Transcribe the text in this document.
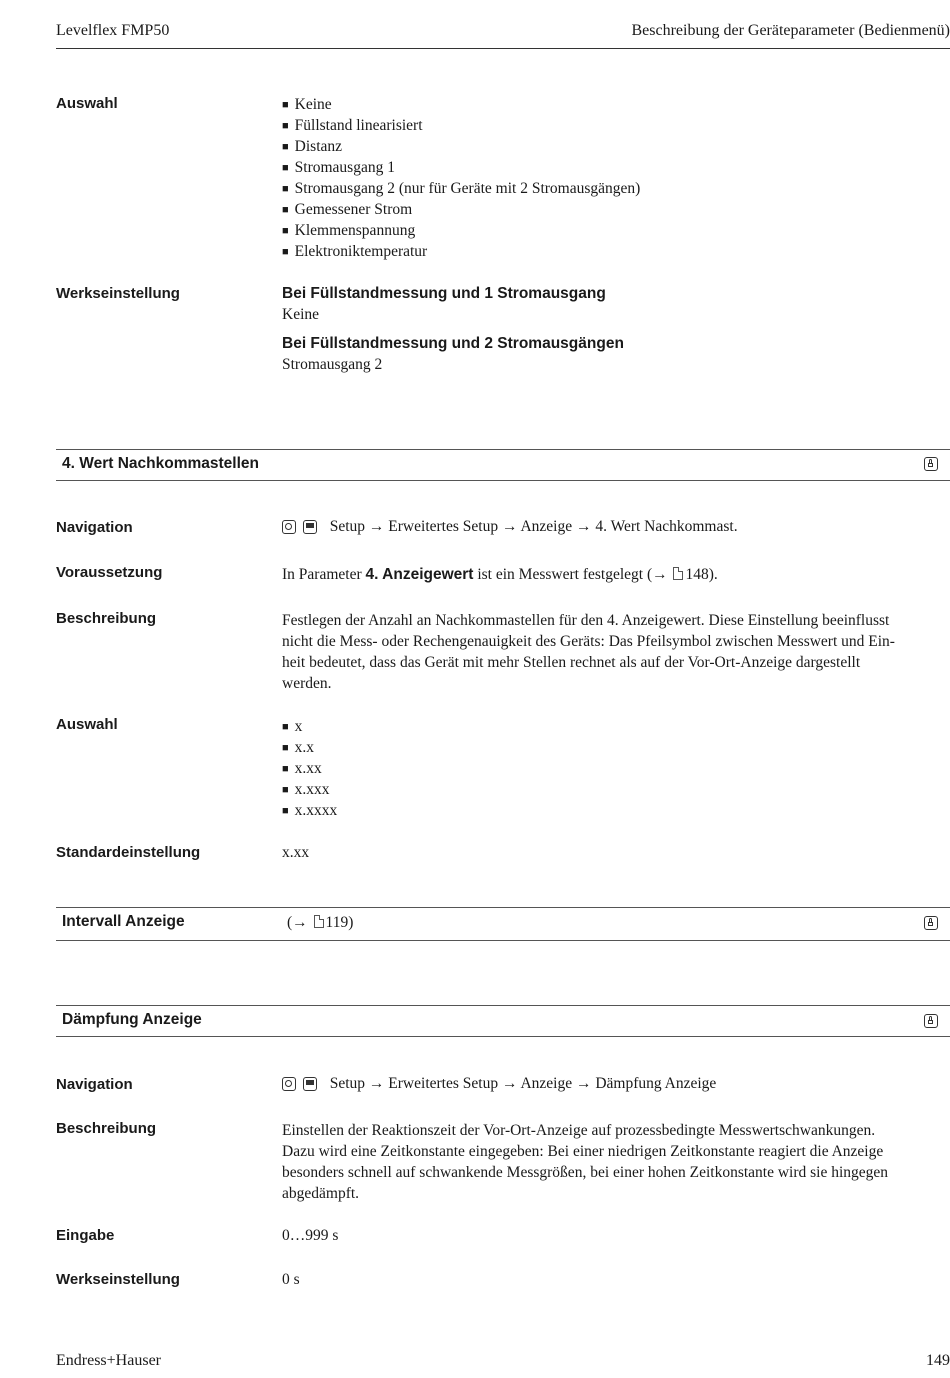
Levelflex FMP50	Beschreibung der Geräteparameter (Bedienmenü)
Auswahl	■ Keine
■ Füllstand linearisiert
■ Distanz
■ Stromausgang 1
■ Stromausgang 2 (nur für Geräte mit 2 Stromausgängen)
■ Gemessener Strom
■ Klemmenspannung
■ Elektroniktemperatur
Werkseinstellung	Bei Füllstandmessung und 1 Stromausgang
Keine
Bei Füllstandmessung und 2 Stromausgängen
Stromausgang 2
4. Wert Nachkommastellen
Navigation	Setup → Erweitertes Setup → Anzeige → 4. Wert Nachkommast.
Voraussetzung	In Parameter 4. Anzeigewert ist ein Messwert festgelegt (→ 148).
Beschreibung	Festlegen der Anzahl an Nachkommastellen für den 4. Anzeigewert. Diese Einstellung beeinflusst
nicht die Mess- oder Rechengenauigkeit des Geräts: Das Pfeilsymbol zwischen Messwert und Ein-
heit bedeutet, dass das Gerät mit mehr Stellen rechnet als auf der Vor-Ort-Anzeige dargestellt
werden.
Auswahl	■ x
■ x.x
■ x.xx
■ x.xxx
■ x.xxxx
Standardeinstellung	x.xx
Intervall Anzeige	(→ 119)
Dämpfung Anzeige
Navigation	Setup → Erweitertes Setup → Anzeige → Dämpfung Anzeige
Beschreibung	Einstellen der Reaktionszeit der Vor-Ort-Anzeige auf prozessbedingte Messwertschwankungen.
Dazu wird eine Zeitkonstante eingegeben: Bei einer niedrigen Zeitkonstante reagiert die Anzeige
besonders schnell auf schwankende Messgrößen, bei einer hohen Zeitkonstante wird sie hingegen
abgedämpft.
Eingabe	0…999 s
Werkseinstellung	0 s
Endress+Hauser	149
